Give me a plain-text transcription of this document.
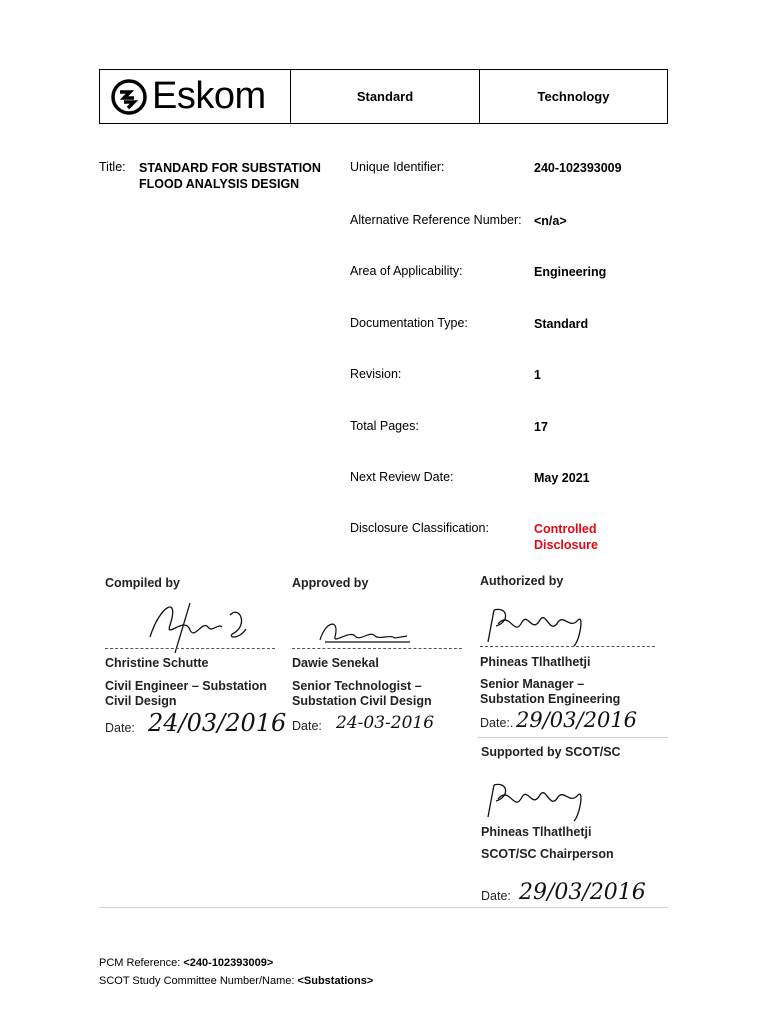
Eskom	Standard	Technology
Title: STANDARD FOR SUBSTATION
FLOOD ANALYSIS DESIGN
Unique Identifier:	240-102393009
Alternative Reference Number: <n/a>
Area of Applicability:	Engineering
Documentation Type:	Standard
Revision:	1
Total Pages:	17
Next Review Date:	May 2021
Disclosure Classification:	Controlled
Disclosure
Compiled by
Christine Schutte
Civil Engineer – Substation
Civil Design
Date: 24/03/2016
Approved by
Dawie Senekal
Senior Technologist –
Substation Civil Design
Date: 24-03-2016
Authorized by
Phineas Tlhatlhetji
Senior Manager –
Substation Engineering
Date:. 29/03/2016
Supported by SCOT/SC
Phineas Tlhatlhetji
SCOT/SC Chairperson
Date: 29/03/2016
PCM Reference: <240-102393009>
SCOT Study Committee Number/Name: <Substations>
